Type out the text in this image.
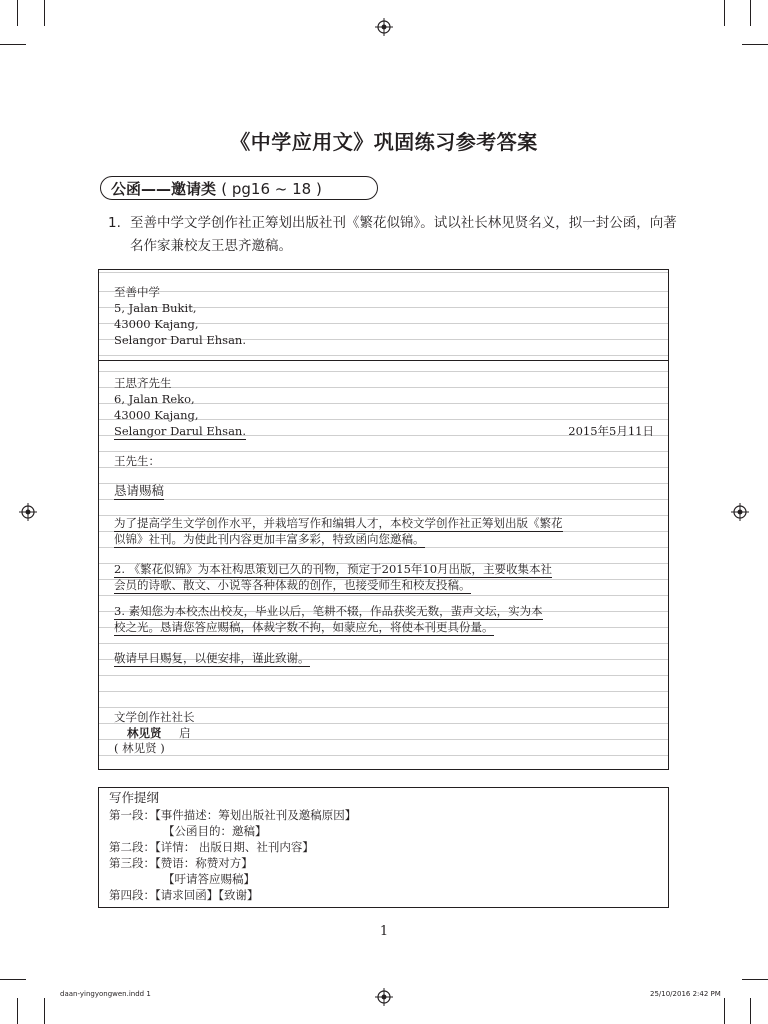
《中学应用文》巩固练习参考答案
公函——邀请类 ( pg16 ~ 18 )
1. 至善中学文学创作社正筹划出版社刊《繁花似锦》。试以社长林见贤名义，拟一封公函，向著名作家兼校友王思齐邀稿。
至善中学
5, Jalan Bukit,
43000 Kajang,
Selangor Darul Ehsan.
王思齐先生
6, Jalan Reko,
43000 Kajang,
Selangor Darul Ehsan.	2015年5月11日
王先生：
恳请赐稿
为了提高学生文学创作水平，并栽培写作和编辑人才，本校文学创作社正筹划出版《繁花
似锦》社刊。为使此刊内容更加丰富多彩，特致函向您邀稿。
2. 《繁花似锦》为本社构思策划已久的刊物，预定于2015年10月出版，主要收集本社
会员的诗歌、散文、小说等各种体裁的创作，也接受师生和校友投稿。
3. 素知您为本校杰出校友，毕业以后，笔耕不辍，作品获奖无数，蜚声文坛，实为本
校之光。恳请您答应赐稿，体裁字数不拘，如蒙应允，将使本刊更具份量。
敬请早日赐复，以便安排，谨此致谢。
文学创作社社长
林见贤 启
( 林见贤 )
写作提纲
第一段：【事件描述：筹划出版社刊及邀稿原因】
【公函目的：邀稿】
第二段：【详情： 出版日期、社刊内容】
第三段：【赞语：称赞对方】
【吁请答应赐稿】
第四段：【请求回函】【致谢】
1
daan-yingyongwen.indd 1	25/10/2016 2:42 PM
